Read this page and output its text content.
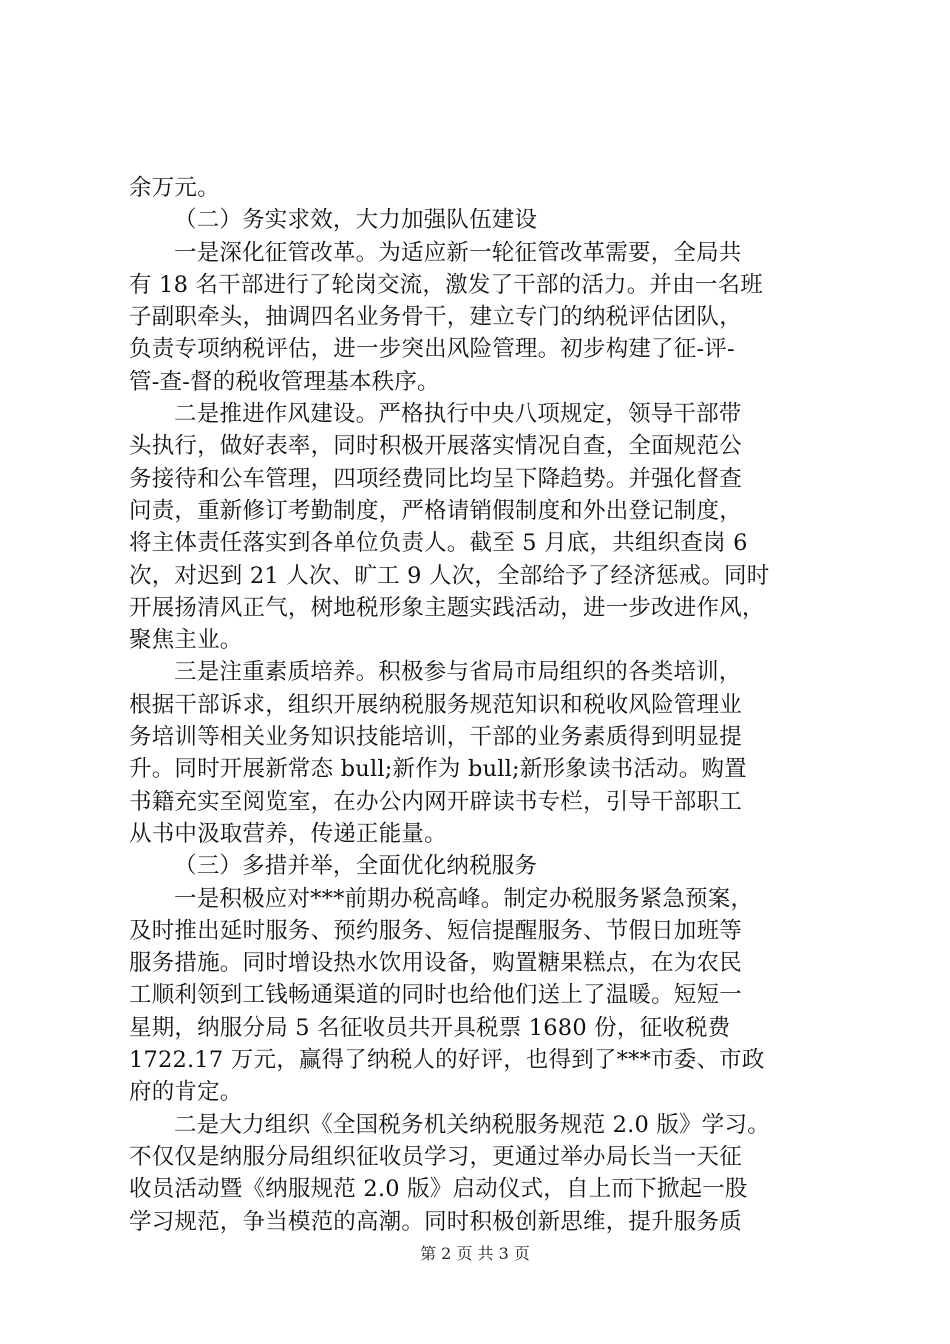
余万元。
（二）务实求效，大力加强队伍建设
一是深化征管改革。为适应新一轮征管改革需要，全局共
有 18 名干部进行了轮岗交流，激发了干部的活力。并由一名班
子副职牵头，抽调四名业务骨干，建立专门的纳税评估团队，
负责专项纳税评估，进一步突出风险管理。初步构建了征-评-
管-查-督的税收管理基本秩序。
二是推进作风建设。严格执行中央八项规定，领导干部带
头执行，做好表率，同时积极开展落实情况自查，全面规范公
务接待和公车管理，四项经费同比均呈下降趋势。并强化督查
问责，重新修订考勤制度，严格请销假制度和外出登记制度，
将主体责任落实到各单位负责人。截至 5 月底，共组织查岗 6
次，对迟到 21 人次、旷工 9 人次，全部给予了经济惩戒。同时
开展扬清风正气，树地税形象主题实践活动，进一步改进作风，
聚焦主业。
三是注重素质培养。积极参与省局市局组织的各类培训，
根据干部诉求，组织开展纳税服务规范知识和税收风险管理业
务培训等相关业务知识技能培训，干部的业务素质得到明显提
升。同时开展新常态 bull;新作为 bull;新形象读书活动。购置
书籍充实至阅览室，在办公内网开辟读书专栏，引导干部职工
从书中汲取营养，传递正能量。
（三）多措并举，全面优化纳税服务
一是积极应对***前期办税高峰。制定办税服务紧急预案，
及时推出延时服务、预约服务、短信提醒服务、节假日加班等
服务措施。同时增设热水饮用设备，购置糖果糕点，在为农民
工顺利领到工钱畅通渠道的同时也给他们送上了温暖。短短一
星期，纳服分局 5 名征收员共开具税票 1680 份，征收税费
1722.17 万元，赢得了纳税人的好评，也得到了***市委、市政
府的肯定。
二是大力组织《全国税务机关纳税服务规范 2.0 版》学习。
不仅仅是纳服分局组织征收员学习，更通过举办局长当一天征
收员活动暨《纳服规范 2.0 版》启动仪式，自上而下掀起一股
学习规范，争当模范的高潮。同时积极创新思维，提升服务质
第 2 页 共 3 页
